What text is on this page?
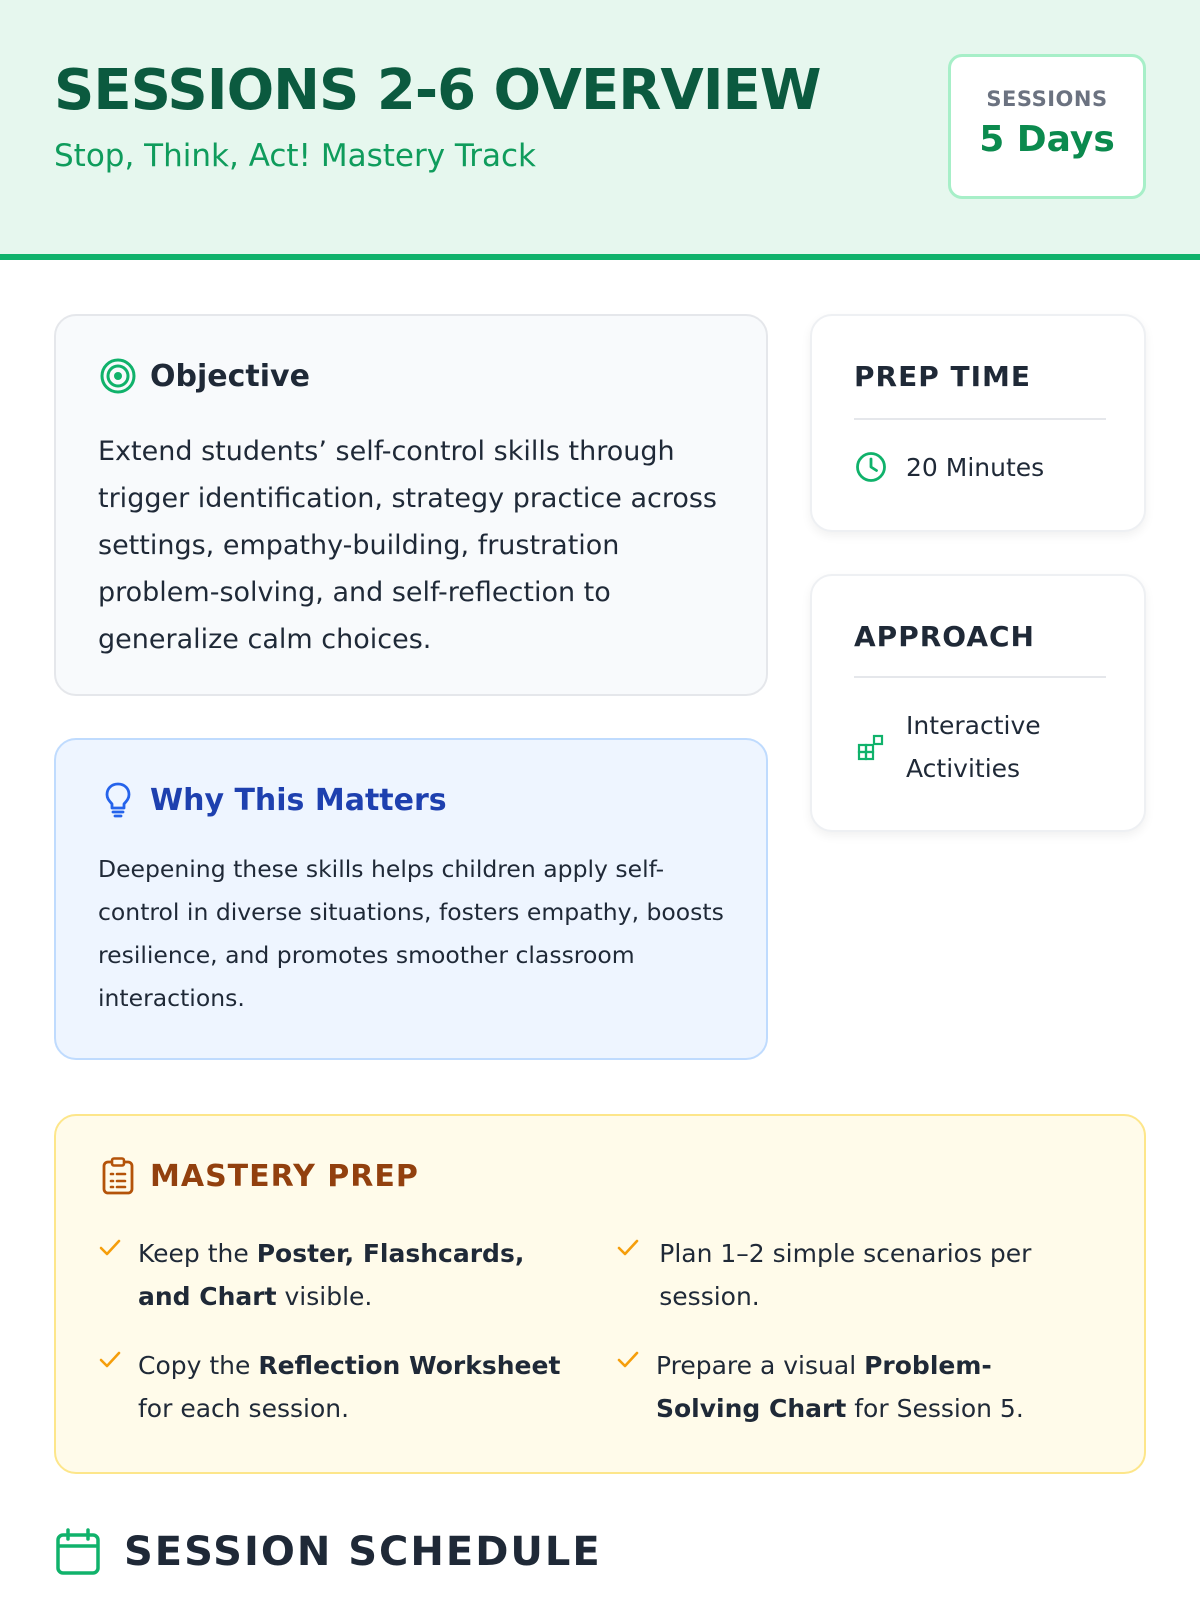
SESSIONS 2-6 OVERVIEW
Stop, Think, Act! Mastery Track
SESSIONS
5 Days
Objective
Extend students’ self-control skills through trigger identification, strategy practice across settings, empathy-building, frustration problem-solving, and self-reflection to generalize calm choices.
Why This Matters
Deepening these skills helps children apply self-control in diverse situations, fosters empathy, boosts resilience, and promotes smoother classroom interactions.
PREP TIME
20 Minutes
APPROACH
Interactive Activities
MASTERY PREP
Keep the Poster, Flashcards, and Chart visible.
Plan 1–2 simple scenarios per session.
Copy the Reflection Worksheet for each session.
Prepare a visual Problem-Solving Chart for Session 5.
SESSION SCHEDULE
